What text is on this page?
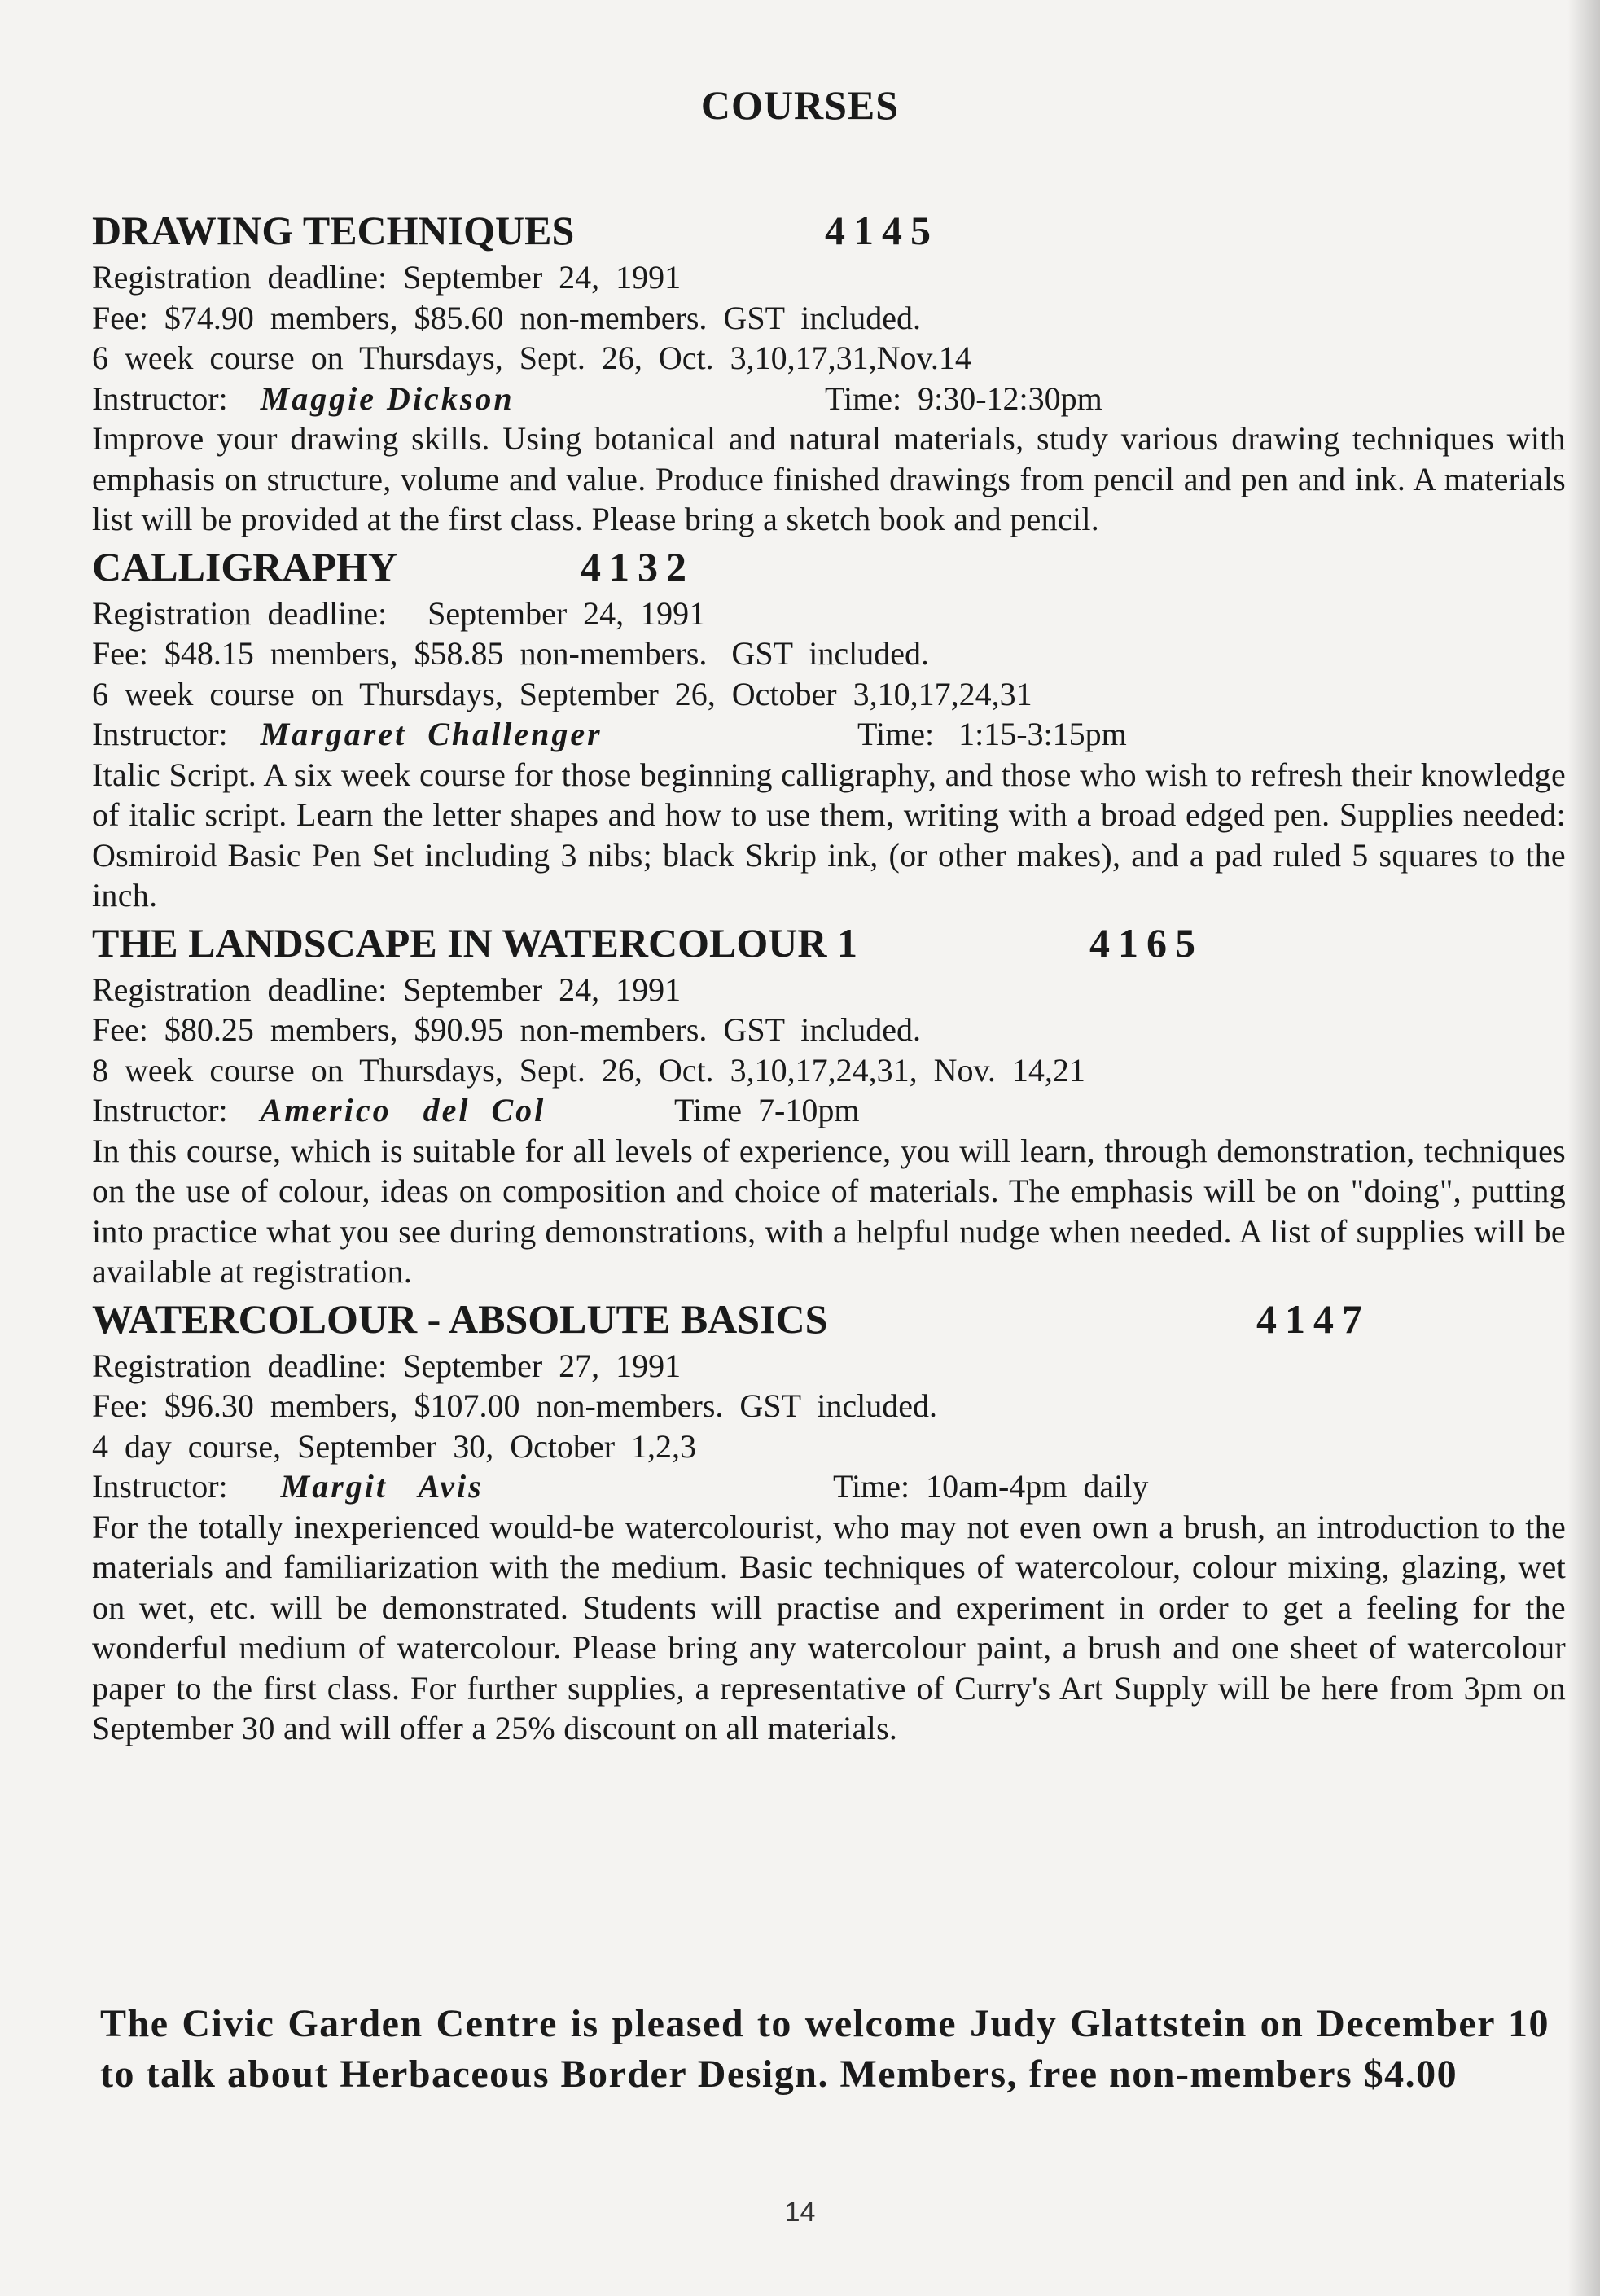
COURSES
DRAWING TECHNIQUES	4145
Registration  deadline:  September  24,  1991
Fee:  $74.90  members,  $85.60  non-members.  GST  included.
6  week  course  on  Thursdays,  Sept.  26,  Oct.  3,10,17,31,Nov.14
Instructor: Maggie Dickson	Time:  9:30-12:30pm
Improve your drawing skills. Using botanical and natural materials, study various drawing techniques with emphasis on structure, volume and value. Produce finished drawings from pencil and pen and ink. A materials list will be provided at the first class. Please bring a sketch book and pencil.
CALLIGRAPHY	4132
Registration  deadline:     September  24,  1991
Fee:  $48.15  members,  $58.85  non-members.   GST  included.
6  week  course  on  Thursdays,  September  26,  October  3,10,17,24,31
Instructor: Margaret  Challenger	Time:   1:15-3:15pm
Italic Script. A six week course for those beginning calligraphy, and those who wish to refresh their knowledge of italic script. Learn the letter shapes and how to use them, writing with a broad edged pen. Supplies needed: Osmiroid Basic Pen Set including 3 nibs; black Skrip ink, (or other makes), and a pad ruled 5 squares to the inch.
THE LANDSCAPE IN WATERCOLOUR 1	4165
Registration  deadline:  September  24,  1991
Fee:  $80.25  members,  $90.95  non-members.  GST  included.
8  week  course  on  Thursdays,  Sept.  26,  Oct.  3,10,17,24,31,  Nov.  14,21
Instructor: Americo   del  Col	Time  7-10pm
In this course, which is suitable for all levels of experience, you will learn, through demonstration, techniques on the use of colour, ideas on composition and choice of materials. The emphasis will be on "doing", putting into practice what you see during demonstrations, with a helpful nudge when needed. A list of supplies will be available at registration.
WATERCOLOUR - ABSOLUTE BASICS	4147
Registration  deadline:  September  27,  1991
Fee:  $96.30  members,  $107.00  non-members.  GST  included.
4  day  course,  September  30,  October  1,2,3
Instructor: Margit   Avis	Time:  10am-4pm  daily
For the totally inexperienced would-be watercolourist, who may not even own a brush, an introduction to the materials and familiarization with the medium. Basic techniques of watercolour, colour mixing, glazing, wet on wet, etc. will be demonstrated. Students will practise and experiment in order to get a feeling for the wonderful medium of watercolour. Please bring any watercolour paint, a brush and one sheet of watercolour paper to the first class. For further supplies, a representative of Curry's Art Supply will be here from 3pm on September 30 and will offer a 25% discount on all materials.
The Civic Garden Centre is pleased to welcome Judy Glattstein on December 10 to talk about Herbaceous Border Design. Members, free non-members $4.00
14
